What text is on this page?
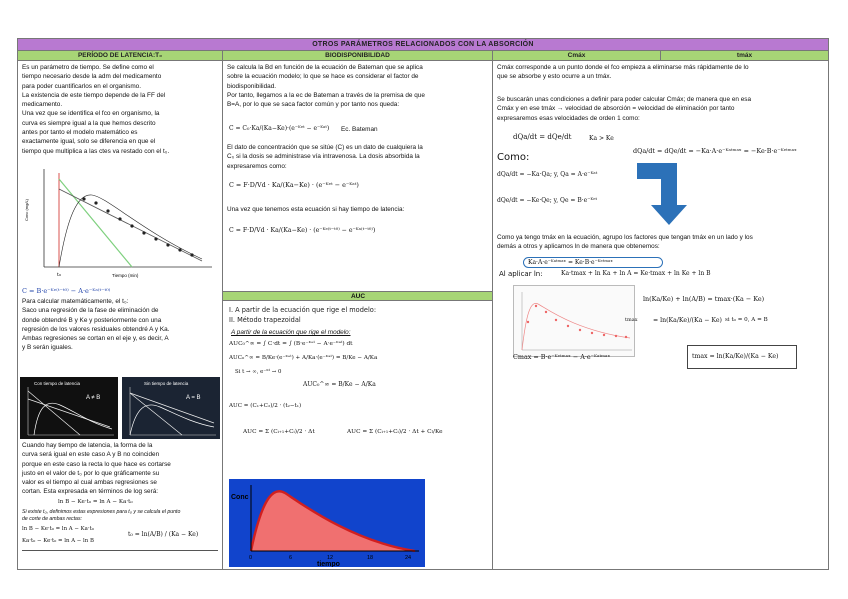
OTROS PARÁMETROS RELACIONADOS CON LA ABSORCIÓN
PERÍODO DE LATENCIA:T₀
Es un parámetro de tiempo. Se define como el
tiempo necesario desde la adm del medicamento
para poder cuantificarlos en el organismo.
La existencia de este tiempo depende de la FF del
medicamento.
Una vez que se identifica el fco en organismo, la
curva es siempre igual a la que hemos descrito
antes por tanto el modelo matemático es
exactamente igual, solo se diferencia en que el
tiempo que multiplica a las ctes va restado con el t₀.
Conc (mg/L)
Tiempo (min)
t₀
C = B·e⁻ᴷᵉ⁽ᵗ⁻ᵗ⁰⁾ − A·e⁻ᴷᵃ⁽ᵗ⁻ᵗ⁰⁾
Para calcular matemáticamente, el t₀:
Saco una regresión de la fase de eliminación de
donde obtendré B y Ke y posteriormente con una
regresión de los valores residuales obtendré A y Ka.
Ambas regresiones se cortan en el eje y, es decir, A
y B serán iguales.
Con tiempo de latencia
A ≠ B
Sin tiempo de latencia
A = B
Cuando hay tiempo de latencia, la forma de la
curva será igual en este caso A y B no coinciden
porque en este caso la recta lo que hace es cortarse
justo en el valor de t₀ por lo que gráficamente su
valor es el tiempo al cual ambas regresiones se
cortan. Esta expresada en términos de log será:
ln B − Ke·t₀ = ln A − Ka·t₀
Si existe t₀, definimos estas expresiones para t₀ y se calcula el punto
de corte de ambas rectas:
ln B − Ke·t₀ = ln A − Ka·t₀
Ka·t₀ − Ke·t₀ = ln A − ln B
t₀ = ln(A/B) / (Ka − Ke)
BIODISPONIBILIDAD
Se calcula la Bd en función de la ecuación de Bateman que se aplica
sobre la ecuación modelo; lo que se hace es considerar el factor de
biodisponibilidad.
Por tanto, llegamos a la ec de Bateman a través de la premisa de que
B=A, por lo que se saca factor común y por tanto nos queda:
C = C₀·Ka/(Ka−Ke)·(e⁻ᴷᵉᵗ − e⁻ᴷᵃᵗ) Ec. Bateman
El dato de concentración que se sitúe (C) es un dato de cualquiera la
C₀ si la dosis se administrase vía intravenosa. La dosis absorbida la
expresaremos como:
C = F·D/Vd · Ka/(Ka−Ke) · (e⁻ᴷᵉᵗ − e⁻ᴷᵃᵗ)
Una vez que tenemos esta ecuación si hay tiempo de latencia:
C = F·D/Vd · Ka/(Ka−Ke) · (e⁻ᴷᵉ⁽ᵗ⁻ᵗ⁰⁾ − e⁻ᴷᵃ⁽ᵗ⁻ᵗ⁰⁾)
AUC
I. A partir de la ecuación que rige el modelo:
II. Método trapezoidal
A partir de la ecuación que rige el modelo:
AUC₀^∞ = ∫ C·dt = ∫ (B·e⁻ᴷᵉᵗ − A·e⁻ᴷᵃᵗ) dt
AUC₀^∞ = B/Ke·(e⁻ᴷᵉᵗ) + A/Ka·(e⁻ᴷᵃᵗ) = B/Ke − A/Ka
Si t → ∞, e⁻ᴷᵗ → 0
AUC₀^∞ = B/Ke − A/Ka
AUC = (C₁+C₂)/2 · (t₂−t₁)
AUC = Σ (Cᵢ₊₁+Cᵢ)/2 · Δt	AUC = Σ (Cᵢ₊₁+Cᵢ)/2 · Δt + Cₗ/Ke
Conc
0	6	12	18	24
tiempo
Cmáx	tmáx
Cmáx corresponde a un punto donde el fco empieza a eliminarse más rápidamente de lo
que se absorbe y esto ocurre a un tmáx.
Se buscarán unas condiciones a definir para poder calcular Cmáx; de manera que en esa
Cmáx y en ese tmáx → velocidad de absorción = velocidad de eliminación por tanto
expresaremos esas velocidades de orden 1 como:
dQa/dt = dQe/dt	Ka > Ke
Como:
dQa/dt = −Ka·Qa; y, Qa = A·e⁻ᴷᵃᵗ
dQe/dt = −Ke·Qe; y, Qe = B·e⁻ᴷᵉᵗ
dQa/dt = dQe/dt = −Ka·A·e⁻ᴷᵃᵗᵐᵃˣ = −Ke·B·e⁻ᴷᵉᵗᵐᵃˣ
Como ya tengo tmáx en la ecuación, agrupo los factores que tengan tmáx en un lado y los
demás a otros y aplicamos ln de manera que obtenemos:
Ka·A·e⁻ᴷᵃᵗᵐᵃˣ = Ke·B·e⁻ᴷᵉᵗᵐᵃˣ
Al aplicar ln:	Ka·tmax + ln Ka + ln A = Ke·tmax + ln Ke + ln B
ln(Ka/Ke) + ln(A/B) = tmax·(Ka − Ke)
tmax = ln(Ka/Ke)/(Ka − Ke) si t₀ = 0, A = B
Cmax = B·e⁻ᴷᵉᵗᵐᵃˣ − A·e⁻ᴷᵃᵗᵐᵃˣ	tmax = ln(Ka/Ke)/(Ka − Ke)
